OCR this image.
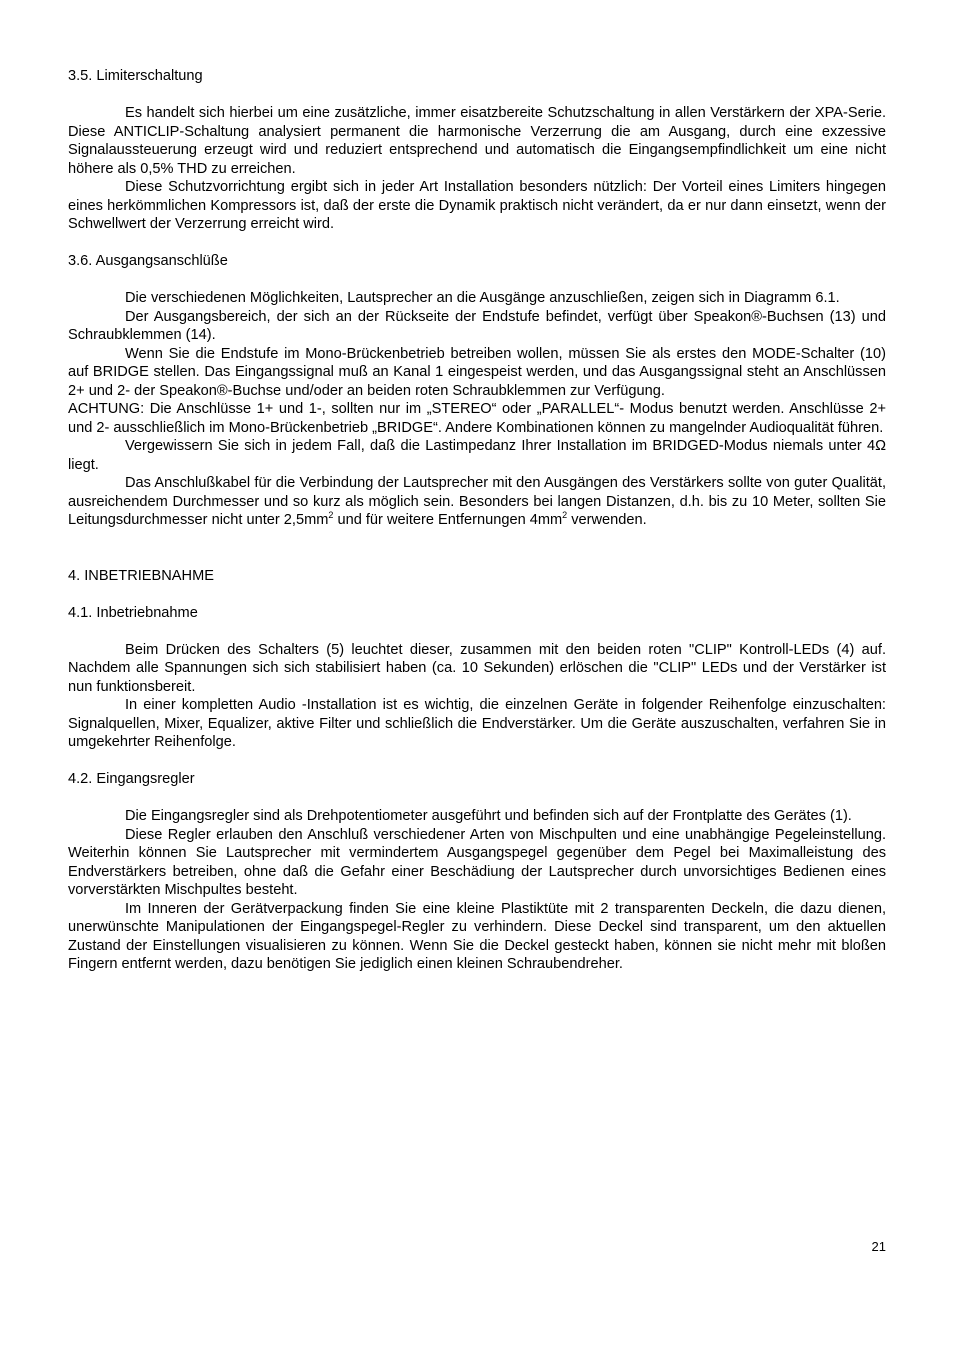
3.5. Limiterschaltung

Es handelt sich hierbei um eine zusätzliche, immer eisatzbereite Schutzschaltung in allen Verstärkern der XPA-Serie. Diese ANTICLIP-Schaltung analysiert permanent die harmonische Verzerrung die am Ausgang, durch eine exzessive Signalaussteuerung erzeugt wird und reduziert entsprechend und automatisch die Eingangsempfindlichkeit um eine nicht höhere als 0,5% THD zu erreichen.

Diese Schutzvorrichtung ergibt sich in jeder Art Installation besonders nützlich: Der Vorteil eines Limiters hingegen eines herkömmlichen Kompressors ist, daß der erste die Dynamik praktisch nicht verändert, da er nur dann einsetzt, wenn der Schwellwert der Verzerrung erreicht wird.

3.6. Ausgangsanschlüße

Die verschiedenen Möglichkeiten, Lautsprecher an die Ausgänge anzuschließen, zeigen sich in Diagramm 6.1.

Der Ausgangsbereich, der sich an der Rückseite der Endstufe befindet, verfügt über Speakon®-Buchsen (13) und Schraubklemmen (14).

Wenn Sie die Endstufe im Mono-Brückenbetrieb betreiben wollen, müssen Sie als erstes den MODE-Schalter (10) auf BRIDGE stellen. Das Eingangssignal muß an Kanal 1 eingespeist werden, und das Ausgangssignal steht an Anschlüssen 2+ und 2- der Speakon®-Buchse und/oder an beiden roten Schraubklemmen zur Verfügung.

ACHTUNG: Die Anschlüsse 1+ und 1-, sollten nur im „STEREO“ oder „PARALLEL“- Modus benutzt werden. Anschlüsse 2+ und 2- ausschließlich im Mono-Brückenbetrieb „BRIDGE“. Andere Kombinationen können zu mangelnder Audioqualität führen.

Vergewissern Sie sich in jedem Fall, daß die Lastimpedanz Ihrer Installation im BRIDGED-Modus niemals unter 4Ω liegt.

Das Anschlußkabel für die Verbindung der Lautsprecher mit den Ausgängen des Verstärkers sollte von guter Qualität, ausreichendem Durchmesser und so kurz als möglich sein. Besonders bei langen Distanzen, d.h. bis zu 10 Meter, sollten Sie Leitungsdurchmesser nicht unter $2,5mm^2$ und für weitere Entfernungen $4mm^2$ verwenden.

4. INBETRIEBNAHME
4.1. Inbetriebnahme

Beim Drücken des Schalters (5) leuchtet dieser, zusammen mit den beiden roten "CLIP" Kontroll-LEDs (4) auf. Nachdem alle Spannungen sich sich stabilisiert haben (ca. 10 Sekunden) erlöschen die "CLIP" LEDs und der Verstärker ist nun funktionsbereit.

In einer kompletten Audio -Installation ist es wichtig, die einzelnen Geräte in folgender Reihenfolge einzuschalten: Signalquellen, Mixer, Equalizer, aktive Filter und schließlich die Endverstärker. Um die Geräte auszuschalten, verfahren Sie in umgekehrter Reihenfolge.

4.2. Eingangsregler

Die Eingangsregler sind als Drehpotentiometer ausgeführt und befinden sich auf der Frontplatte des Gerätes (1).

Diese Regler erlauben den Anschluß verschiedener Arten von Mischpulten und eine unabhängige Pegeleinstellung. Weiterhin können Sie Lautsprecher mit vermindertem Ausgangspegel gegenüber dem Pegel bei Maximalleistung des Endverstärkers betreiben, ohne daß die Gefahr einer Beschädiung der Lautsprecher durch unvorsichtiges Bedienen eines vorverstärkten Mischpultes besteht.

Im Inneren der Gerätverpackung finden Sie eine kleine Plastiktüte mit 2 transparenten Deckeln, die dazu dienen, unerwünschte Manipulationen der Eingangspegel-Regler zu verhindern. Diese Deckel sind transparent, um den aktuellen Zustand der Einstellungen visualisieren zu können. Wenn Sie die Deckel gesteckt haben, können sie nicht mehr mit bloßen Fingern entfernt werden, dazu benötigen Sie jediglich einen kleinen Schraubendreher.

21
